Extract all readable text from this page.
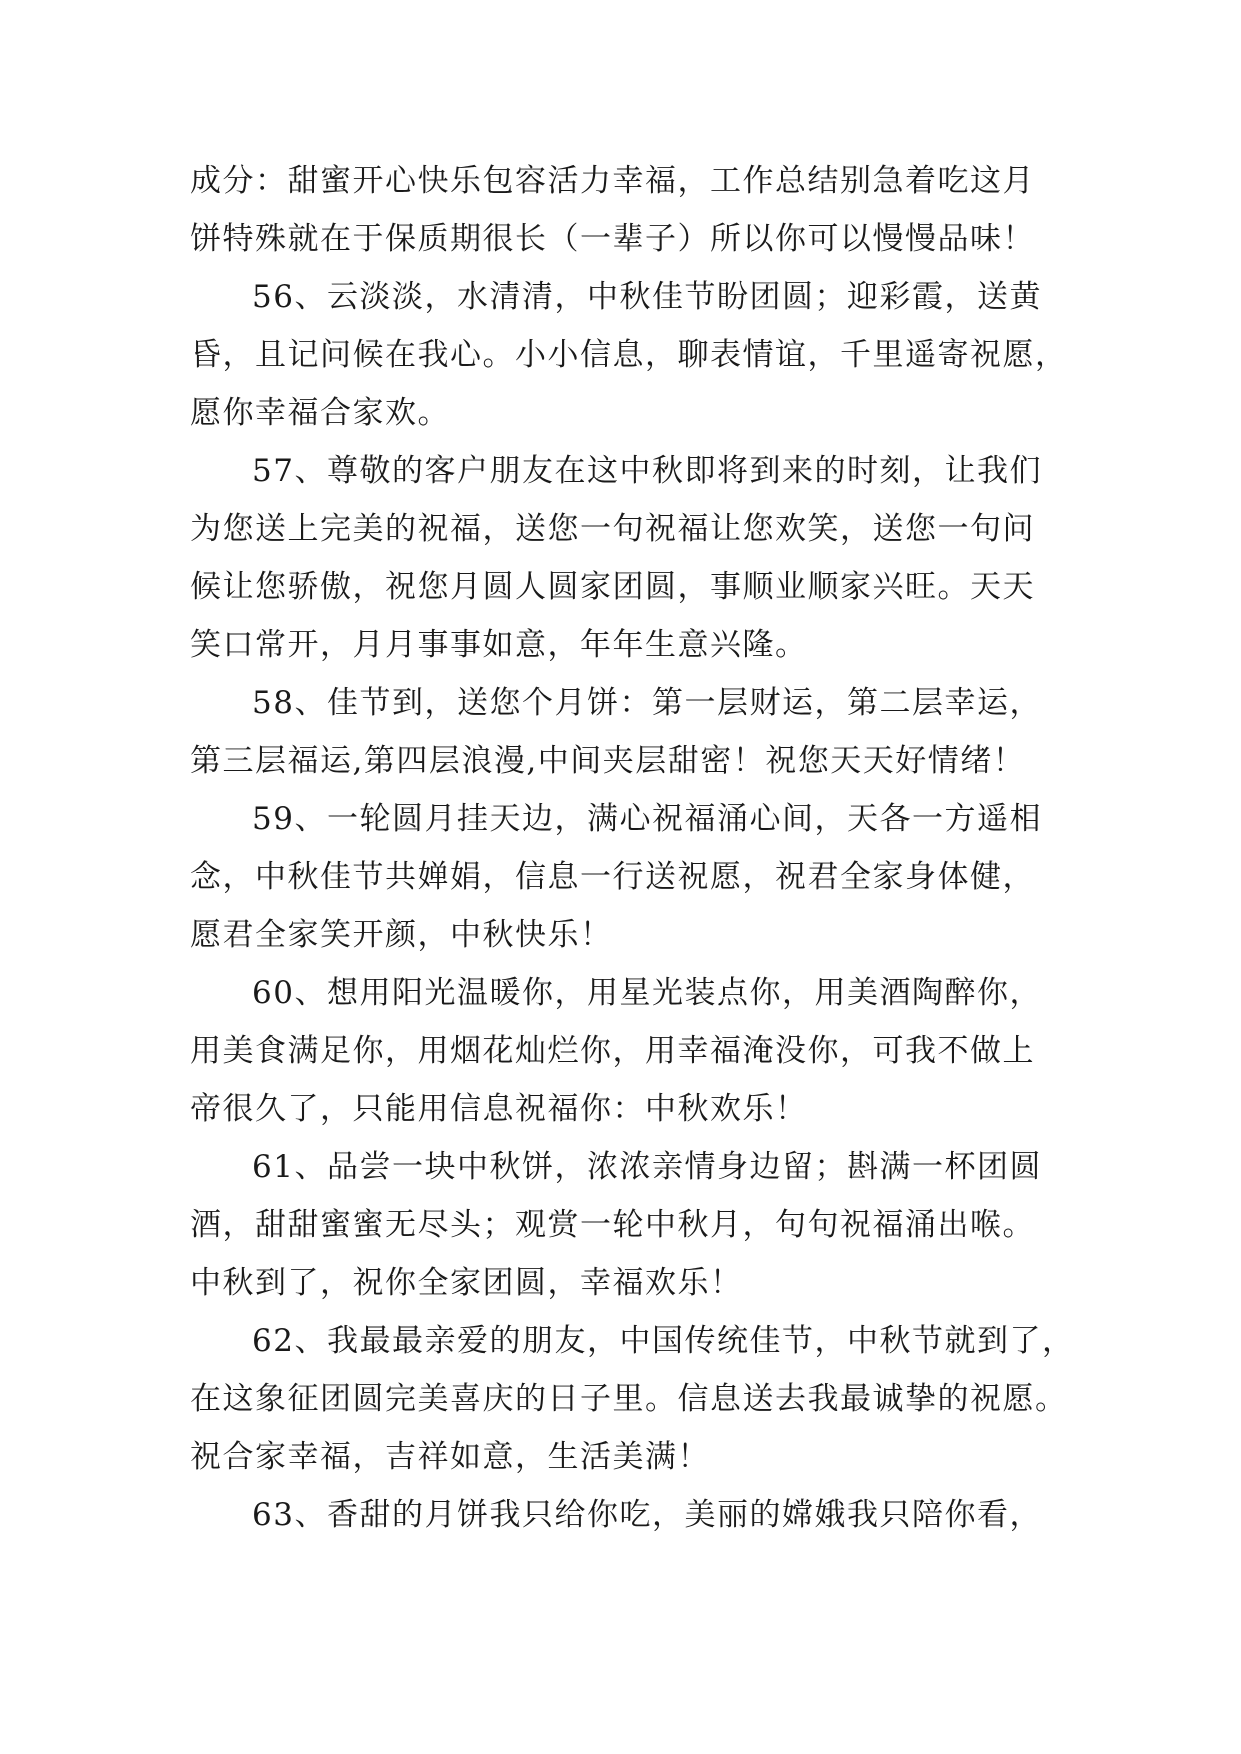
成分：甜蜜开心快乐包容活力幸福，工作总结别急着吃这月
饼特殊就在于保质期很长（一辈子）所以你可以慢慢品味！
56、云淡淡，水清清，中秋佳节盼团圆；迎彩霞，送黄
昏，且记问候在我心。小小信息，聊表情谊，千里遥寄祝愿，
愿你幸福合家欢。
57、尊敬的客户朋友在这中秋即将到来的时刻，让我们
为您送上完美的祝福，送您一句祝福让您欢笑，送您一句问
候让您骄傲，祝您月圆人圆家团圆，事顺业顺家兴旺。天天
笑口常开，月月事事如意，年年生意兴隆。
58、佳节到，送您个月饼：第一层财运，第二层幸运，
第三层福运,第四层浪漫,中间夹层甜密！祝您天天好情绪！
59、一轮圆月挂天边，满心祝福涌心间，天各一方遥相
念，中秋佳节共婵娟，信息一行送祝愿，祝君全家身体健，
愿君全家笑开颜，中秋快乐！
60、想用阳光温暖你，用星光装点你，用美酒陶醉你，
用美食满足你，用烟花灿烂你，用幸福淹没你，可我不做上
帝很久了，只能用信息祝福你：中秋欢乐！
61、品尝一块中秋饼，浓浓亲情身边留；斟满一杯团圆
酒，甜甜蜜蜜无尽头；观赏一轮中秋月，句句祝福涌出喉。
中秋到了，祝你全家团圆，幸福欢乐！
62、我最最亲爱的朋友，中国传统佳节，中秋节就到了，
在这象征团圆完美喜庆的日子里。信息送去我最诚挚的祝愿。
祝合家幸福，吉祥如意，生活美满！
63、香甜的月饼我只给你吃，美丽的嫦娥我只陪你看，
